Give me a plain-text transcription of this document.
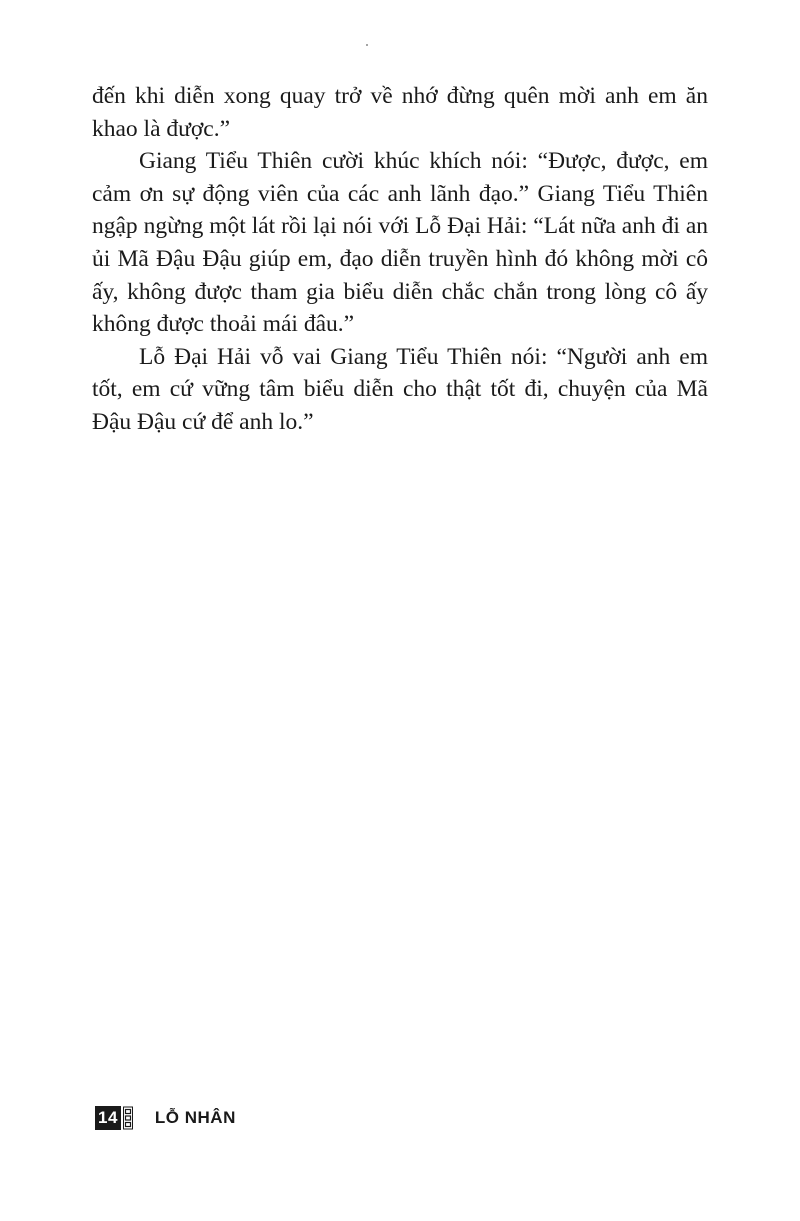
đến khi diễn xong quay trở về nhớ đừng quên mời anh em ăn khao là được.”

Giang Tiểu Thiên cười khúc khích nói: “Được, được, em cảm ơn sự động viên của các anh lãnh đạo.” Giang Tiểu Thiên ngập ngừng một lát rồi lại nói với Lỗ Đại Hải: “Lát nữa anh đi an ủi Mã Đậu Đậu giúp em, đạo diễn truyền hình đó không mời cô ấy, không được tham gia biểu diễn chắc chắn trong lòng cô ấy không được thoải mái đâu.”

Lỗ Đại Hải vỗ vai Giang Tiểu Thiên nói: “Người anh em tốt, em cứ vững tâm biểu diễn cho thật tốt đi, chuyện của Mã Đậu Đậu cứ để anh lo.”

14 LỖ NHÂN
